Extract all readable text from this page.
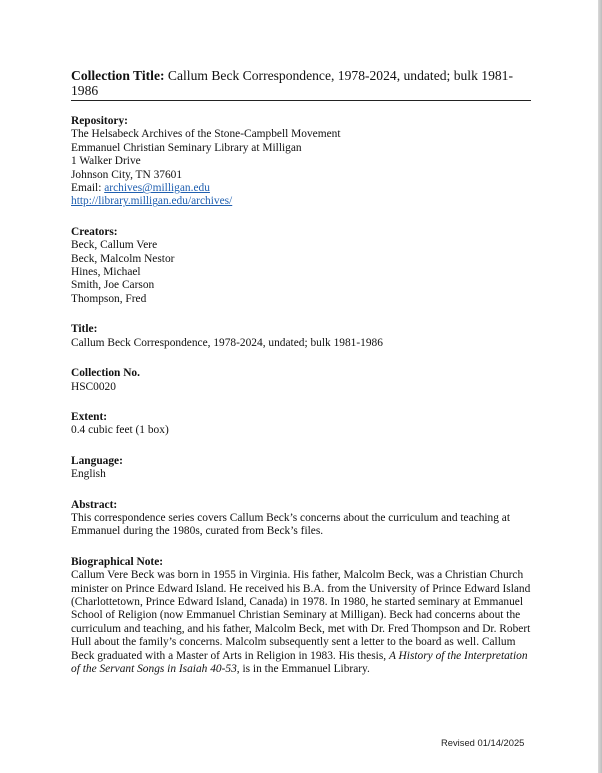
Collection Title: Callum Beck Correspondence, 1978-2024, undated; bulk 1981-1986
Repository:
The Helsabeck Archives of the Stone-Campbell Movement
Emmanuel Christian Seminary Library at Milligan
1 Walker Drive
Johnson City, TN 37601
Email: archives@milligan.edu
http://library.milligan.edu/archives/
Creators:
Beck, Callum Vere
Beck, Malcolm Nestor
Hines, Michael
Smith, Joe Carson
Thompson, Fred
Title:
Callum Beck Correspondence, 1978-2024, undated; bulk 1981-1986
Collection No.
HSC0020
Extent:
0.4 cubic feet (1 box)
Language:
English
Abstract:
This correspondence series covers Callum Beck’s concerns about the curriculum and teaching at Emmanuel during the 1980s, curated from Beck’s files.
Biographical Note:
Callum Vere Beck was born in 1955 in Virginia. His father, Malcolm Beck, was a Christian Church minister on Prince Edward Island. He received his B.A. from the University of Prince Edward Island (Charlottetown, Prince Edward Island, Canada) in 1978. In 1980, he started seminary at Emmanuel School of Religion (now Emmanuel Christian Seminary at Milligan). Beck had concerns about the curriculum and teaching, and his father, Malcolm Beck, met with Dr. Fred Thompson and Dr. Robert Hull about the family’s concerns. Malcolm subsequently sent a letter to the board as well. Callum Beck graduated with a Master of Arts in Religion in 1983. His thesis, A History of the Interpretation of the Servant Songs in Isaiah 40-53, is in the Emmanuel Library.
Revised 01/14/2025
